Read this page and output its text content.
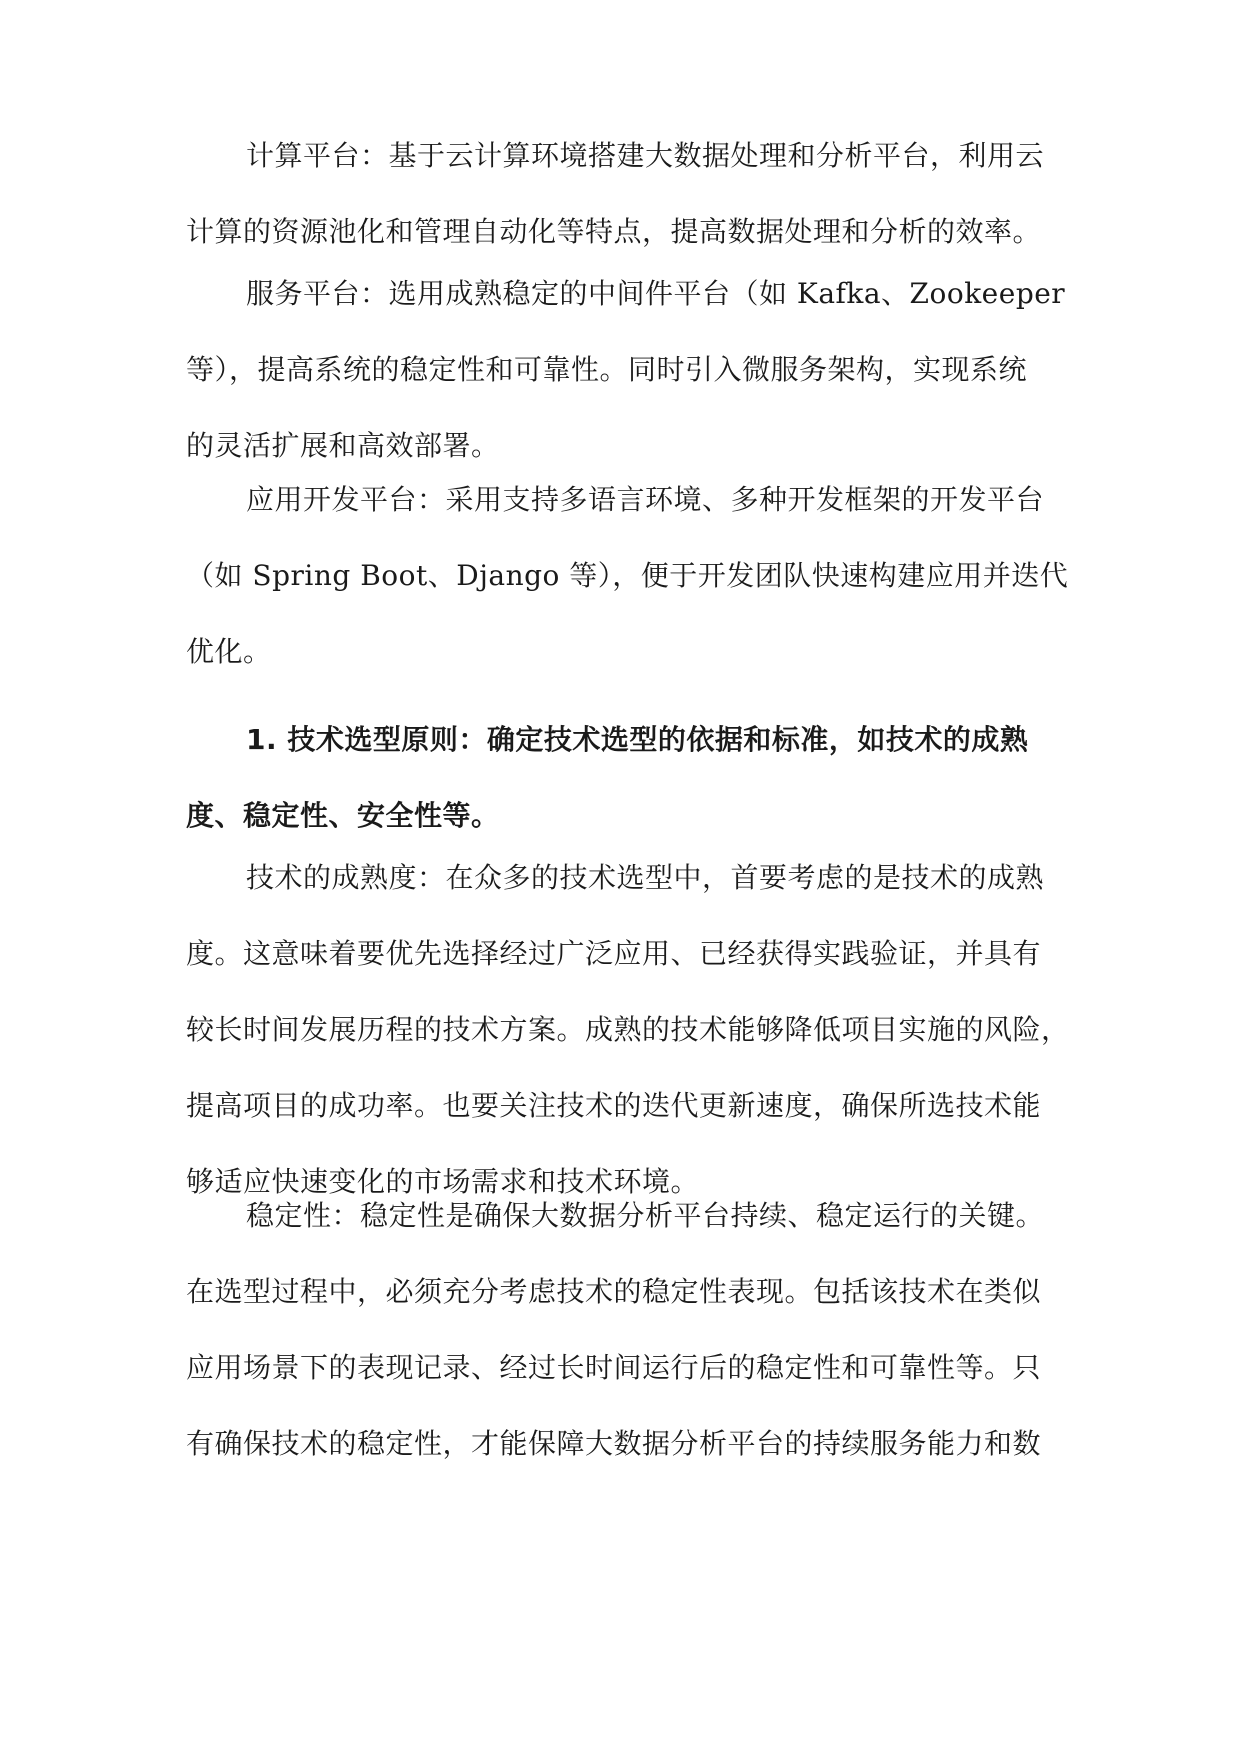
计算平台：基于云计算环境搭建大数据处理和分析平台，利用云
计算的资源池化和管理自动化等特点，提高数据处理和分析的效率。
服务平台：选用成熟稳定的中间件平台（如 Kafka、Zookeeper
等），提高系统的稳定性和可靠性。同时引入微服务架构，实现系统
的灵活扩展和高效部署。
应用开发平台：采用支持多语言环境、多种开发框架的开发平台
（如 Spring Boot、Django 等），便于开发团队快速构建应用并迭代
优化。
1. 技术选型原则：确定技术选型的依据和标准，如技术的成熟
度、稳定性、安全性等。
技术的成熟度：在众多的技术选型中，首要考虑的是技术的成熟
度。这意味着要优先选择经过广泛应用、已经获得实践验证，并具有
较长时间发展历程的技术方案。成熟的技术能够降低项目实施的风险，
提高项目的成功率。也要关注技术的迭代更新速度，确保所选技术能
够适应快速变化的市场需求和技术环境。
稳定性：稳定性是确保大数据分析平台持续、稳定运行的关键。
在选型过程中，必须充分考虑技术的稳定性表现。包括该技术在类似
应用场景下的表现记录、经过长时间运行后的稳定性和可靠性等。只
有确保技术的稳定性，才能保障大数据分析平台的持续服务能力和数
